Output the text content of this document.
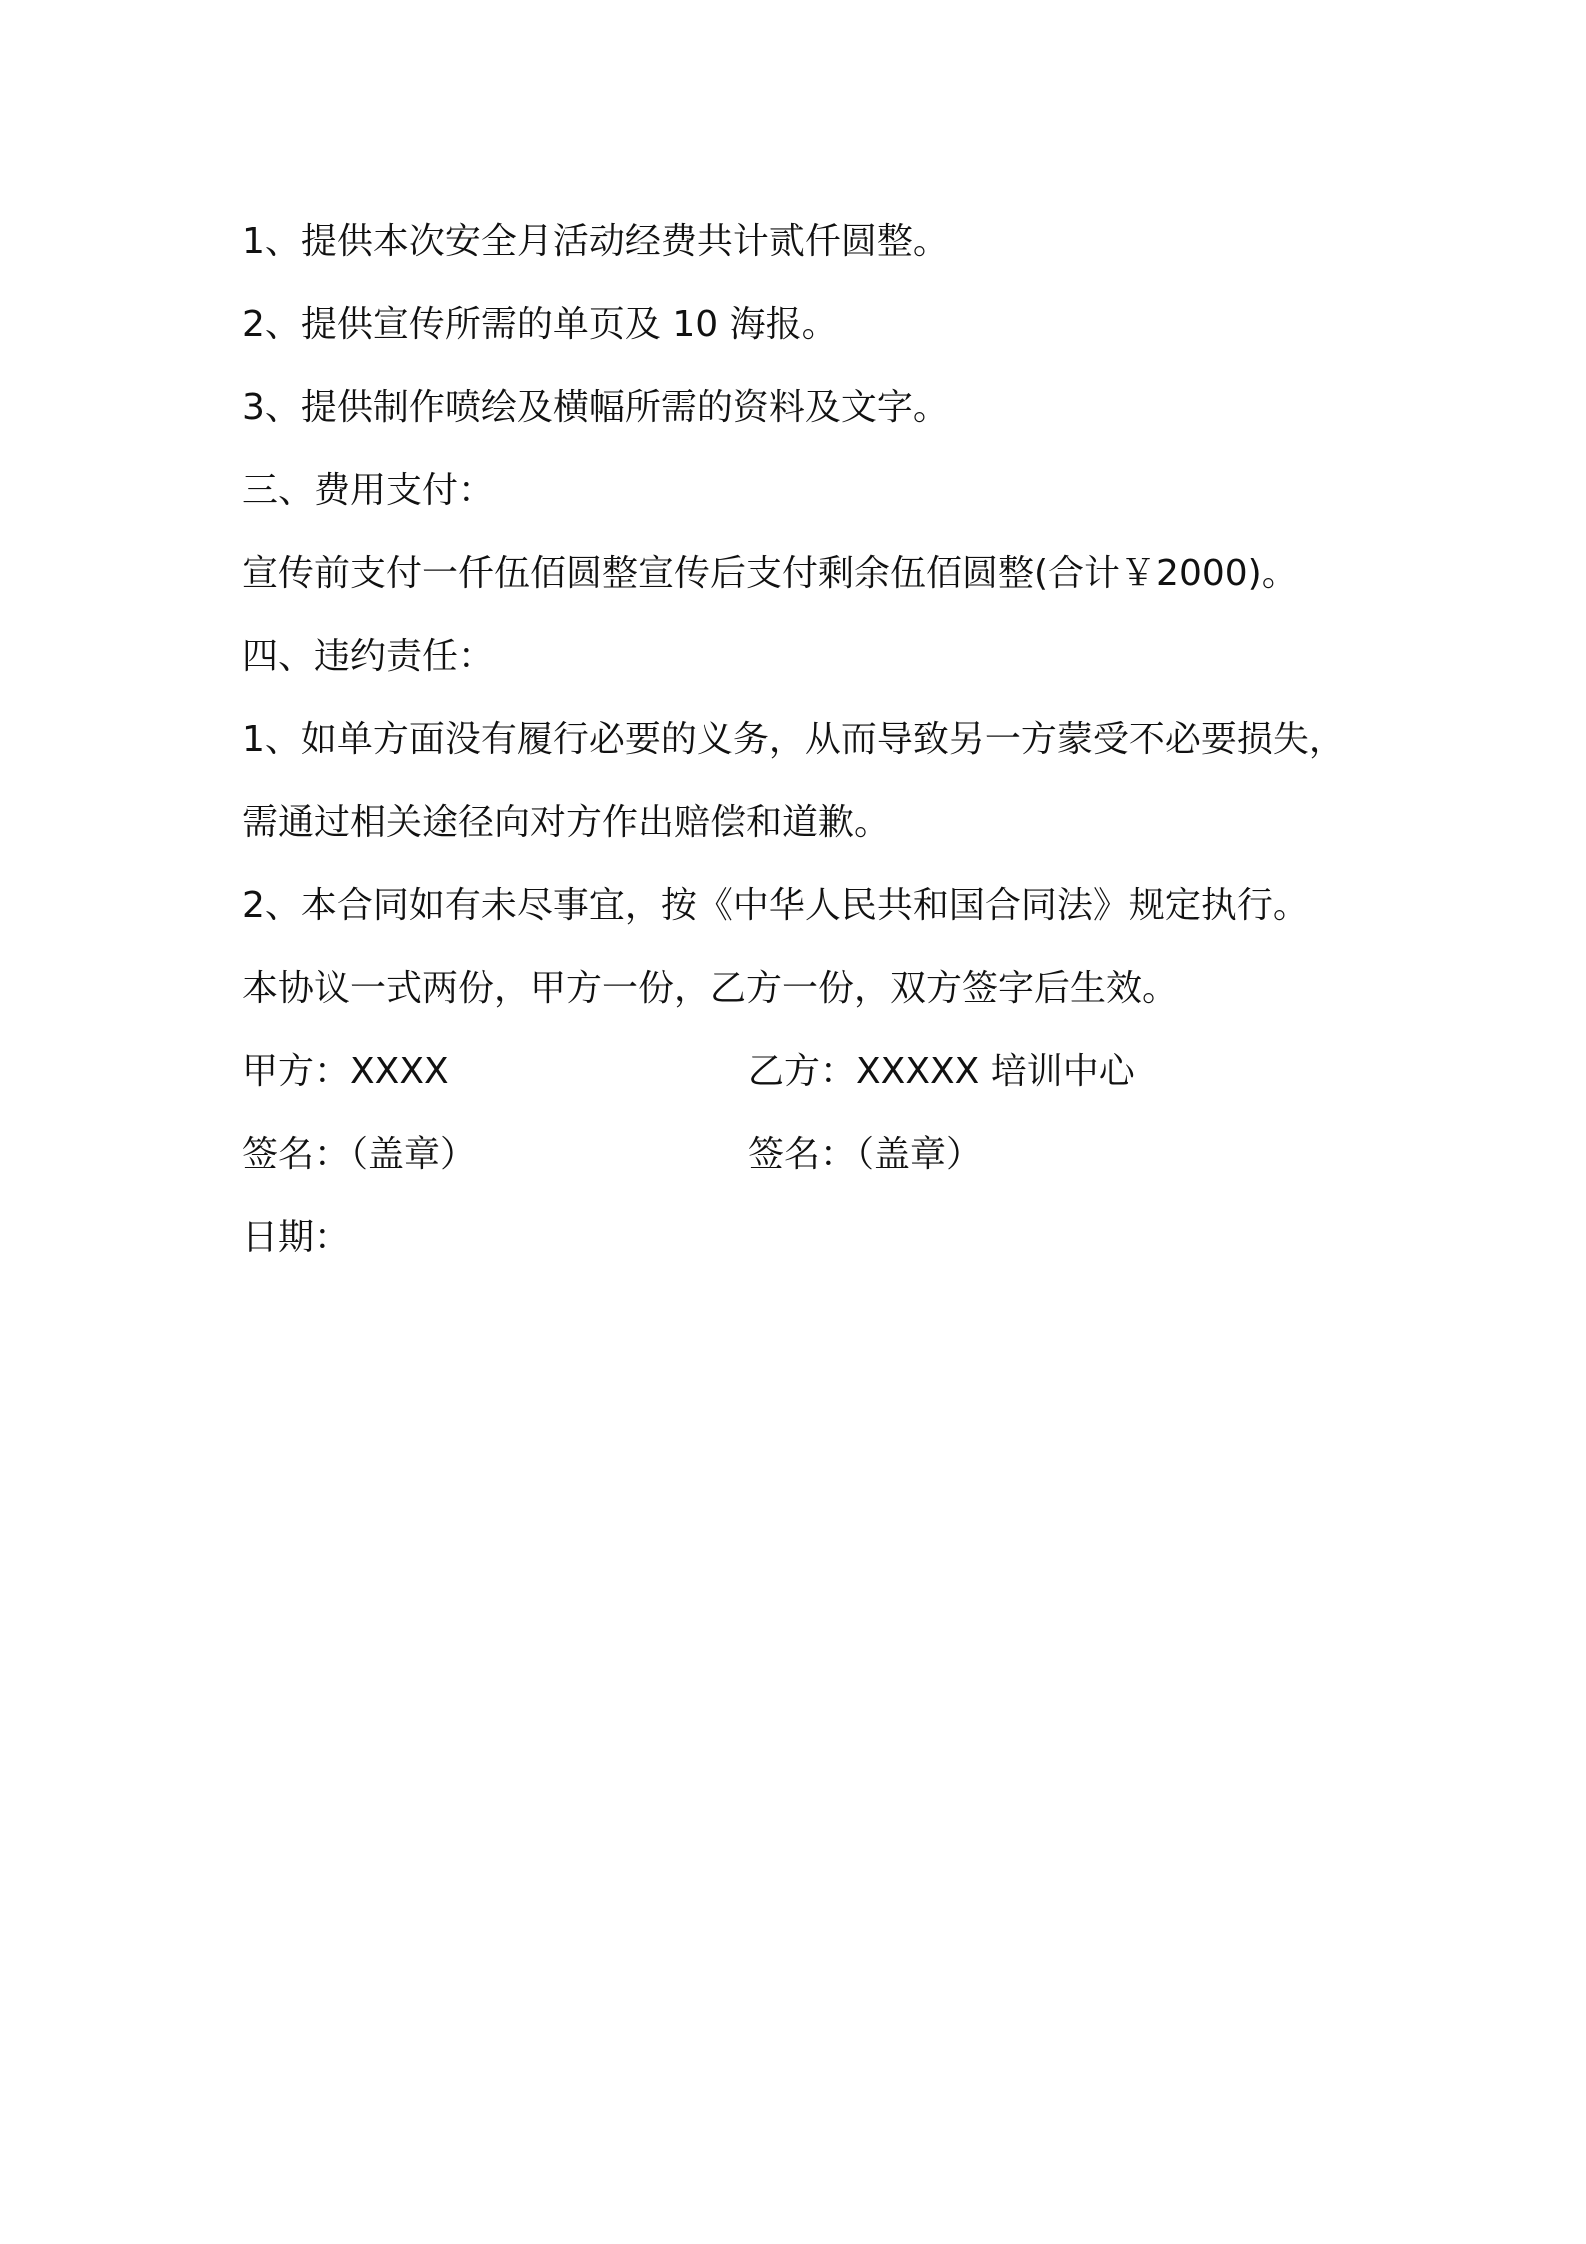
1、提供本次安全月活动经费共计贰仟圆整。

2、提供宣传所需的单页及 10 海报。

3、提供制作喷绘及横幅所需的资料及文字。

三、费用支付：

宣传前支付一仟伍佰圆整宣传后支付剩余伍佰圆整(合计￥2000)。

四、违约责任：

1、如单方面没有履行必要的义务，从而导致另一方蒙受不必要损失，

需通过相关途径向对方作出赔偿和道歉。

2、本合同如有未尽事宜，按《中华人民共和国合同法》规定执行。

本协议一式两份，甲方一份，乙方一份，双方签字后生效。

甲方：XXXX	乙方：XXXXX 培训中心
签名：（盖章）	签名：（盖章）

日期：
